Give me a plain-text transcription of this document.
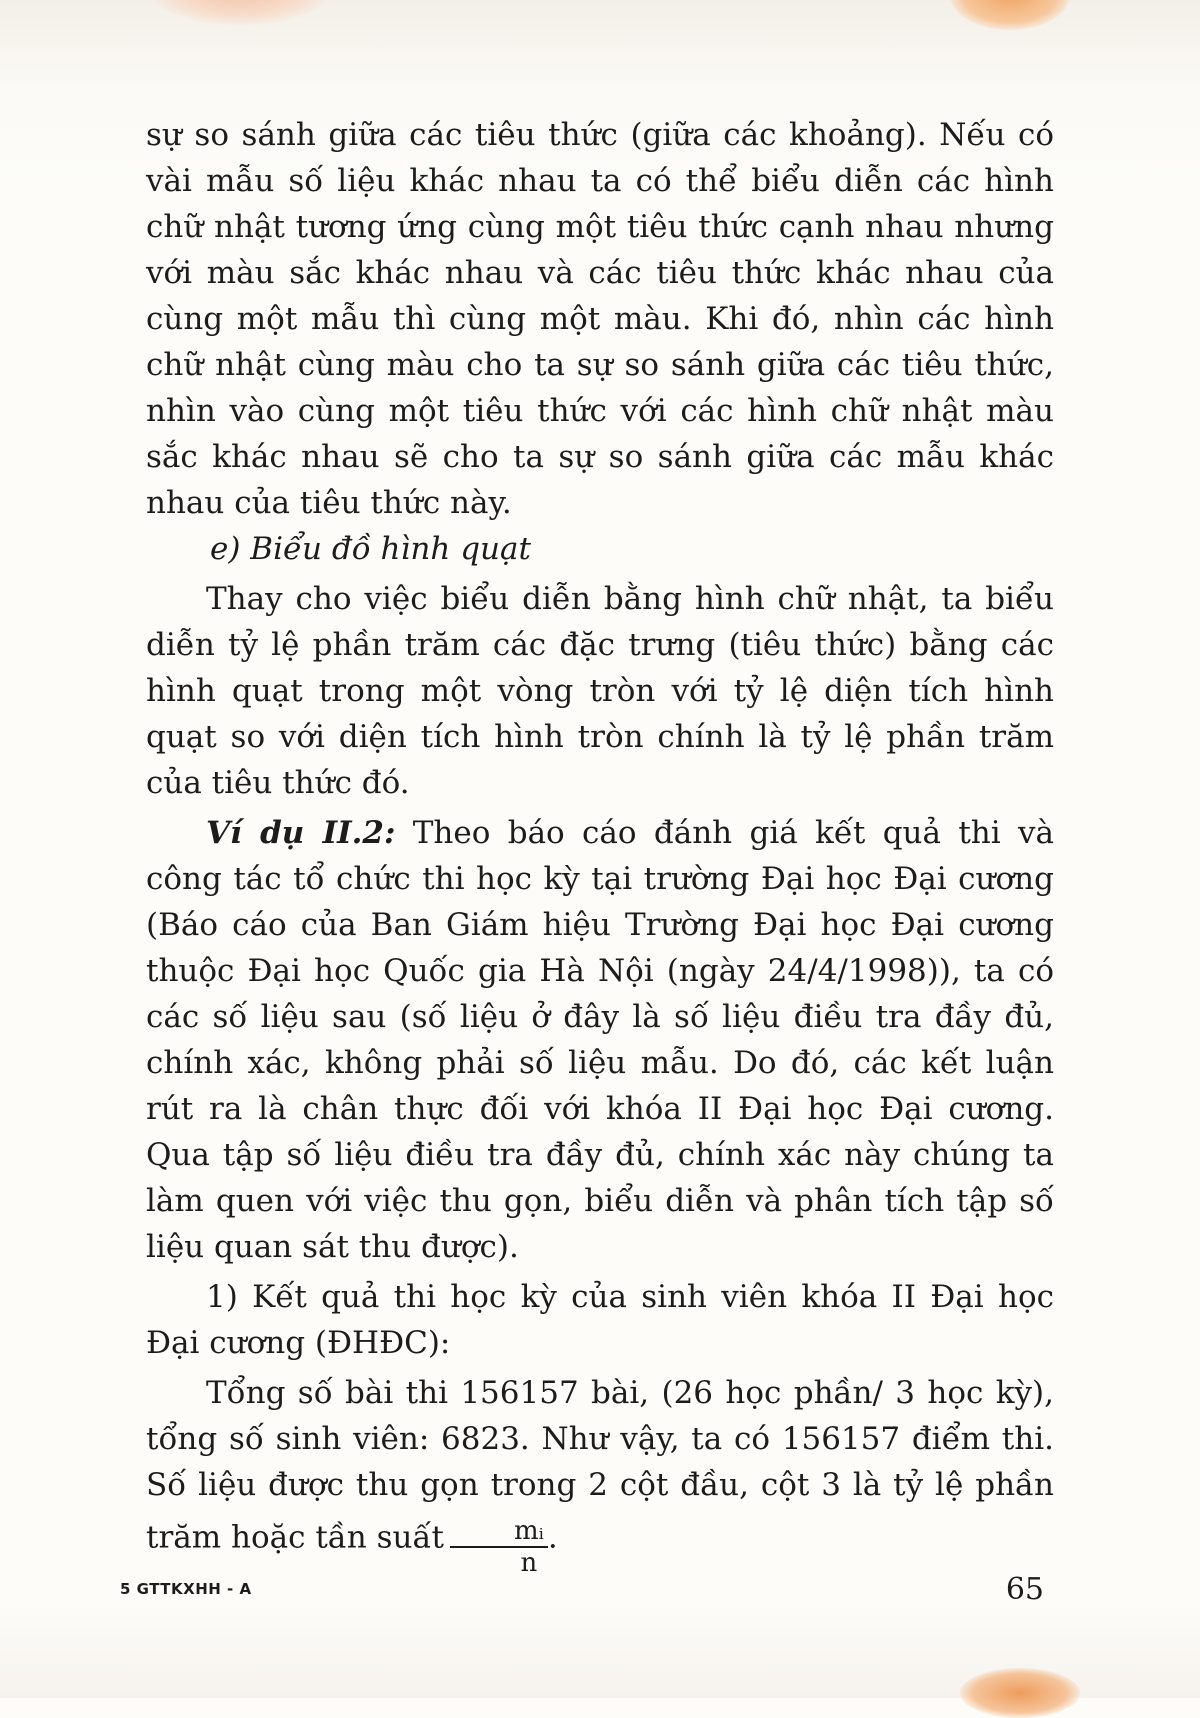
sự so sánh giữa các tiêu thức (giữa các khoảng). Nếu có vài mẫu số liệu khác nhau ta có thể biểu diễn các hình chữ nhật tương ứng cùng một tiêu thức cạnh nhau nhưng với màu sắc khác nhau và các tiêu thức khác nhau của cùng một mẫu thì cùng một màu. Khi đó, nhìn các hình chữ nhật cùng màu cho ta sự so sánh giữa các tiêu thức, nhìn vào cùng một tiêu thức với các hình chữ nhật màu sắc khác nhau sẽ cho ta sự so sánh giữa các mẫu khác nhau của tiêu thức này.

e) Biểu đồ hình quạt

Thay cho việc biểu diễn bằng hình chữ nhật, ta biểu diễn tỷ lệ phần trăm các đặc trưng (tiêu thức) bằng các hình quạt trong một vòng tròn với tỷ lệ diện tích hình quạt so với diện tích hình tròn chính là tỷ lệ phần trăm của tiêu thức đó.

Ví dụ II.2: Theo báo cáo đánh giá kết quả thi và công tác tổ chức thi học kỳ tại trường Đại học Đại cương (Báo cáo của Ban Giám hiệu Trường Đại học Đại cương thuộc Đại học Quốc gia Hà Nội (ngày 24/4/1998)), ta có các số liệu sau (số liệu ở đây là số liệu điều tra đầy đủ, chính xác, không phải số liệu mẫu. Do đó, các kết luận rút ra là chân thực đối với khóa II Đại học Đại cương. Qua tập số liệu điều tra đầy đủ, chính xác này chúng ta làm quen với việc thu gọn, biểu diễn và phân tích tập số liệu quan sát thu được).

1) Kết quả thi học kỳ của sinh viên khóa II Đại học Đại cương (ĐHĐC):

Tổng số bài thi 156157 bài, (26 học phần/ 3 học kỳ), tổng số sinh viên: 6823. Như vậy, ta có 156157 điểm thi. Số liệu được thu gọn trong 2 cột đầu, cột 3 là tỷ lệ phần trăm hoặc tần suất $\frac{\text{mᵢ}}{n}$ .

5 GTTKXHH - A	65
